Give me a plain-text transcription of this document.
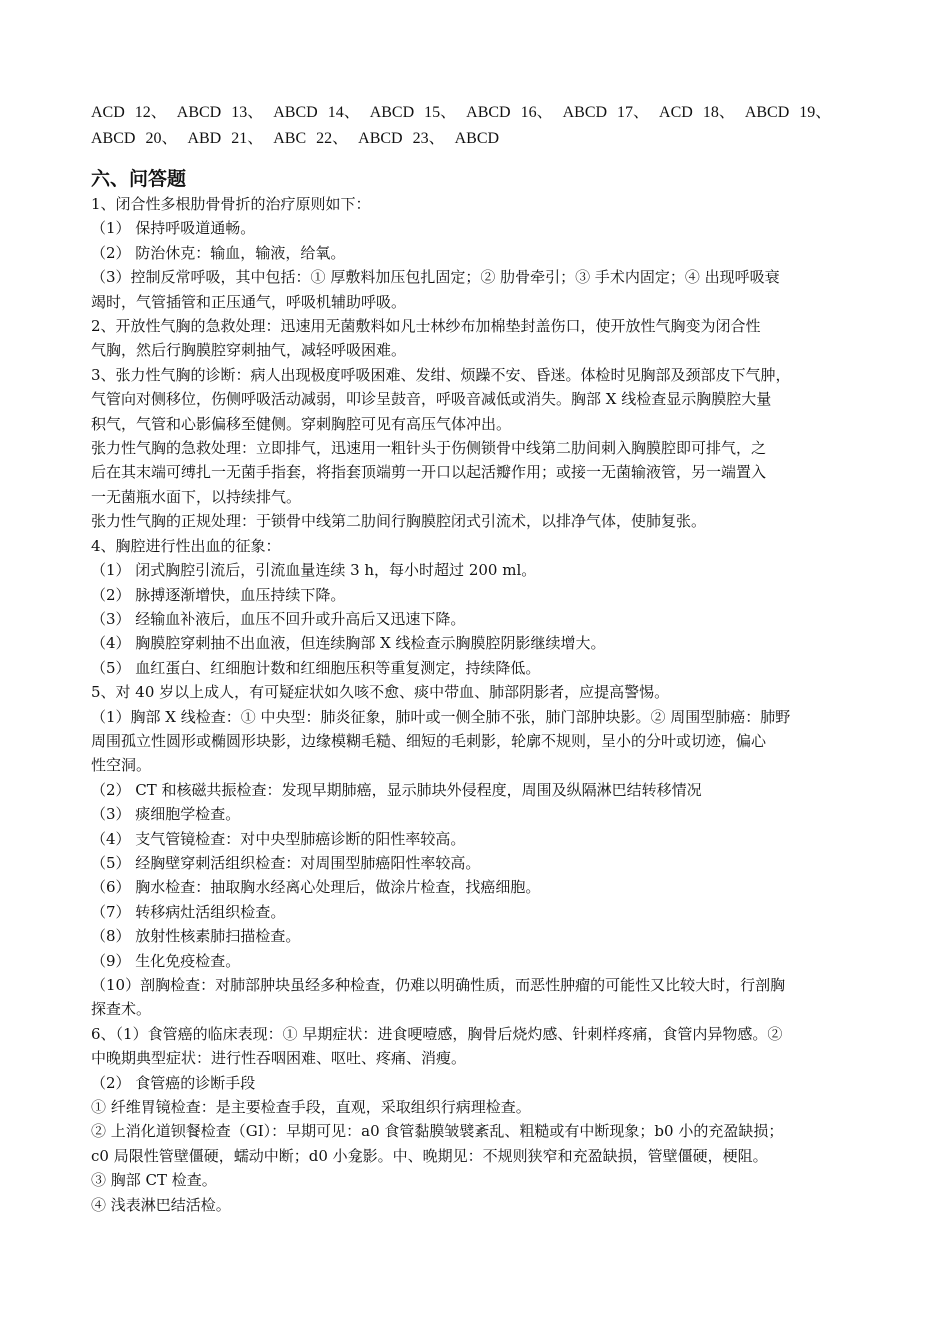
ACD 12、 ABCD 13、 ABCD 14、 ABCD 15、 ABCD 16、 ABCD 17、 ACD 18、 ABCD 19、

ABCD 20、 ABD 21、 ABC 22、 ABCD 23、 ABCD

六、问答题

1、闭合性多根肋骨骨折的治疗原则如下：

（1） 保持呼吸道通畅。

（2） 防治休克：输血，输液，给氧。

（3）控制反常呼吸，其中包括：① 厚敷料加压包扎固定；② 肋骨牵引；③ 手术内固定；④ 出现呼吸衰

竭时，气管插管和正压通气，呼吸机辅助呼吸。

2、开放性气胸的急救处理：迅速用无菌敷料如凡士林纱布加棉垫封盖伤口，使开放性气胸变为闭合性

气胸，然后行胸膜腔穿刺抽气，减轻呼吸困难。

3、张力性气胸的诊断：病人出现极度呼吸困难、发绀、烦躁不安、昏迷。体检时见胸部及颈部皮下气肿，

气管向对侧移位，伤侧呼吸活动减弱，叩诊呈鼓音，呼吸音减低或消失。胸部 X 线检查显示胸膜腔大量

积气，气管和心影偏移至健侧。穿刺胸腔可见有高压气体冲出。

张力性气胸的急救处理：立即排气，迅速用一粗针头于伤侧锁骨中线第二肋间刺入胸膜腔即可排气，之

后在其末端可缚扎一无菌手指套，将指套顶端剪一开口以起活瓣作用；或接一无菌输液管，另一端置入

一无菌瓶水面下，以持续排气。

张力性气胸的正规处理：于锁骨中线第二肋间行胸膜腔闭式引流术，以排净气体，使肺复张。

4、胸腔进行性出血的征象：

（1） 闭式胸腔引流后，引流血量连续 3 h，每小时超过 200 ml。

（2） 脉搏逐渐增快，血压持续下降。

（3） 经输血补液后，血压不回升或升高后又迅速下降。

（4） 胸膜腔穿刺抽不出血液，但连续胸部 X 线检查示胸膜腔阴影继续增大。

（5） 血红蛋白、红细胞计数和红细胞压积等重复测定，持续降低。

5、对 40 岁以上成人，有可疑症状如久咳不愈、痰中带血、肺部阴影者，应提高警惕。

（1）胸部 X 线检查：① 中央型：肺炎征象，肺叶或一侧全肺不张，肺门部肿块影。② 周围型肺癌：肺野

周围孤立性圆形或椭圆形块影，边缘模糊毛糙、细短的毛刺影，轮廓不规则，呈小的分叶或切迹，偏心

性空洞。

（2） CT 和核磁共振检查：发现早期肺癌，显示肺块外侵程度，周围及纵隔淋巴结转移情况

（3） 痰细胞学检查。

（4） 支气管镜检查：对中央型肺癌诊断的阳性率较高。

（5） 经胸壁穿刺活组织检查：对周围型肺癌阳性率较高。

（6） 胸水检查：抽取胸水经离心处理后，做涂片检查，找癌细胞。

（7） 转移病灶活组织检查。

（8） 放射性核素肺扫描检查。

（9） 生化免疫检查。

（10）剖胸检查：对肺部肿块虽经多种检查，仍难以明确性质，而恶性肿瘤的可能性又比较大时，行剖胸

探查术。

6、（1）食管癌的临床表现：① 早期症状：进食哽噎感，胸骨后烧灼感、针刺样疼痛，食管内异物感。②

中晚期典型症状：进行性吞咽困难、呕吐、疼痛、消瘦。

（2） 食管癌的诊断手段

① 纤维胃镜检查：是主要检查手段，直观，采取组织行病理检查。

② 上消化道钡餐检查（GI）：早期可见：a0 食管黏膜皱襞紊乱、粗糙或有中断现象；b0 小的充盈缺损；

c0 局限性管壁僵硬，蠕动中断；d0 小龛影。中、晚期见：不规则狭窄和充盈缺损，管壁僵硬，梗阻。

③ 胸部 CT 检查。

④ 浅表淋巴结活检。
